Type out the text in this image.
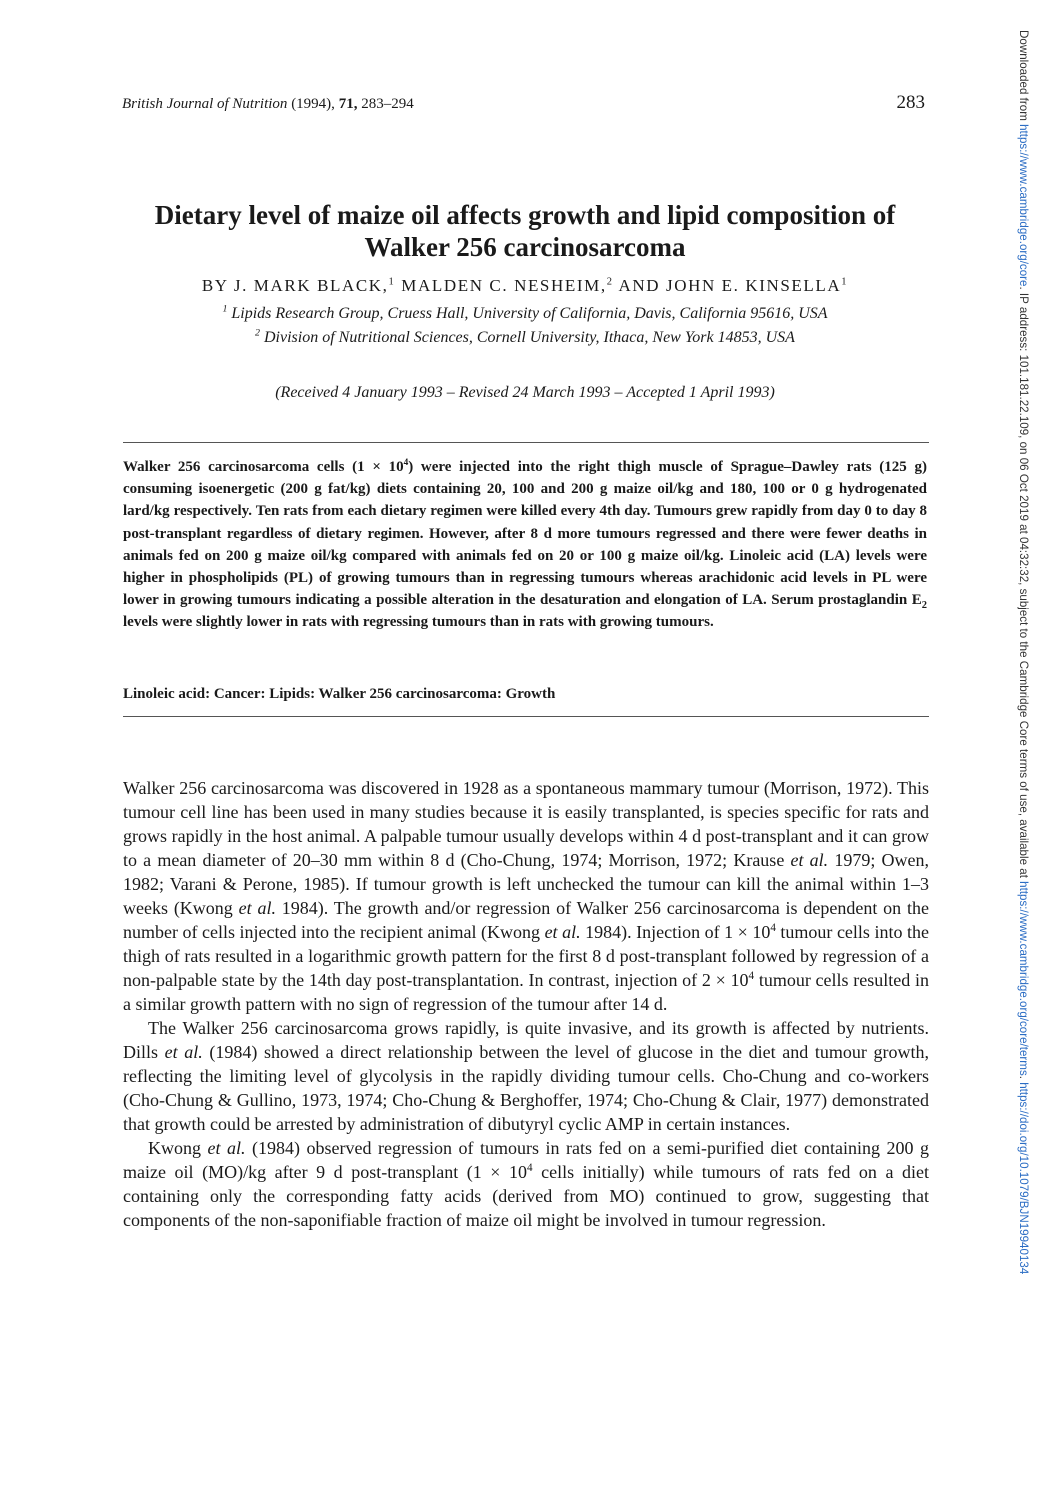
British Journal of Nutrition (1994), 71, 283–294	283
Dietary level of maize oil affects growth and lipid composition of
Walker 256 carcinosarcoma

BY J. MARK BLACK,$^1$ MALDEN C. NESHEIM,$^2$ AND JOHN E. KINSELLA$^1$

$^1$ Lipids Research Group, Cruess Hall, University of California, Davis, California 95616, USA

$^2$ Division of Nutritional Sciences, Cornell University, Ithaca, New York 14853, USA

(Received 4 January 1993 – Revised 24 March 1993 – Accepted 1 April 1993)

Walker 256 carcinosarcoma cells $(1 \times 10^4)$ were injected into the right thigh muscle of Sprague–Dawley rats (125 g) consuming isoenergetic (200 g fat/kg) diets containing 20, 100 and 200 g maize oil/kg and 180, 100 or 0 g hydrogenated lard/kg respectively. Ten rats from each dietary regimen were killed every 4th day. Tumours grew rapidly from day 0 to day 8 post-transplant regardless of dietary regimen. However, after 8 d more tumours regressed and there were fewer deaths in animals fed on 200 g maize oil/kg compared with animals fed on 20 or 100 g maize oil/kg. Linoleic acid (LA) levels were higher in phospholipids (PL) of growing tumours than in regressing tumours whereas arachidonic acid levels in PL were lower in growing tumours indicating a possible alteration in the desaturation and elongation of LA. Serum prostaglandin $E_2$ levels were slightly lower in rats with regressing tumours than in rats with growing tumours.

Linoleic acid: Cancer: Lipids: Walker 256 carcinosarcoma: Growth

Walker 256 carcinosarcoma was discovered in 1928 as a spontaneous mammary tumour (Morrison, 1972). This tumour cell line has been used in many studies because it is easily transplanted, is species specific for rats and grows rapidly in the host animal. A palpable tumour usually develops within 4 d post-transplant and it can grow to a mean diameter of 20–30 mm within 8 d (Cho-Chung, 1974; Morrison, 1972; Krause et al. 1979; Owen, 1982; Varani & Perone, 1985). If tumour growth is left unchecked the tumour can kill the animal within 1–3 weeks (Kwong et al. 1984). The growth and/or regression of Walker 256 carcinosarcoma is dependent on the number of cells injected into the recipient animal (Kwong et al. 1984). Injection of $1 \times 10^4$ tumour cells into the thigh of rats resulted in a logarithmic growth pattern for the first 8 d post-transplant followed by regression of a non-palpable state by the 14th day post-transplantation. In contrast, injection of $2 \times 10^4$ tumour cells resulted in a similar growth pattern with no sign of regression of the tumour after 14 d.

The Walker 256 carcinosarcoma grows rapidly, is quite invasive, and its growth is affected by nutrients. Dills et al. (1984) showed a direct relationship between the level of glucose in the diet and tumour growth, reflecting the limiting level of glycolysis in the rapidly dividing tumour cells. Cho-Chung and co-workers (Cho-Chung & Gullino, 1973, 1974; Cho-Chung & Berghoffer, 1974; Cho-Chung & Clair, 1977) demonstrated that growth could be arrested by administration of dibutyryl cyclic AMP in certain instances.

Kwong et al. (1984) observed regression of tumours in rats fed on a semi-purified diet containing 200 g maize oil (MO)/kg after 9 d post-transplant ($1 \times 10^4$ cells initially) while tumours of rats fed on a diet containing only the corresponding fatty acids (derived from MO) continued to grow, suggesting that components of the non-saponifiable fraction of maize oil might be involved in tumour regression.

Downloaded from https://www.cambridge.org/core. IP address: 101.181.22.109, on 06 Oct 2019 at 04:32:32, subject to the Cambridge Core terms of use, available at https://www.cambridge.org/core/terms. https://doi.org/10.1079/BJN19940134
